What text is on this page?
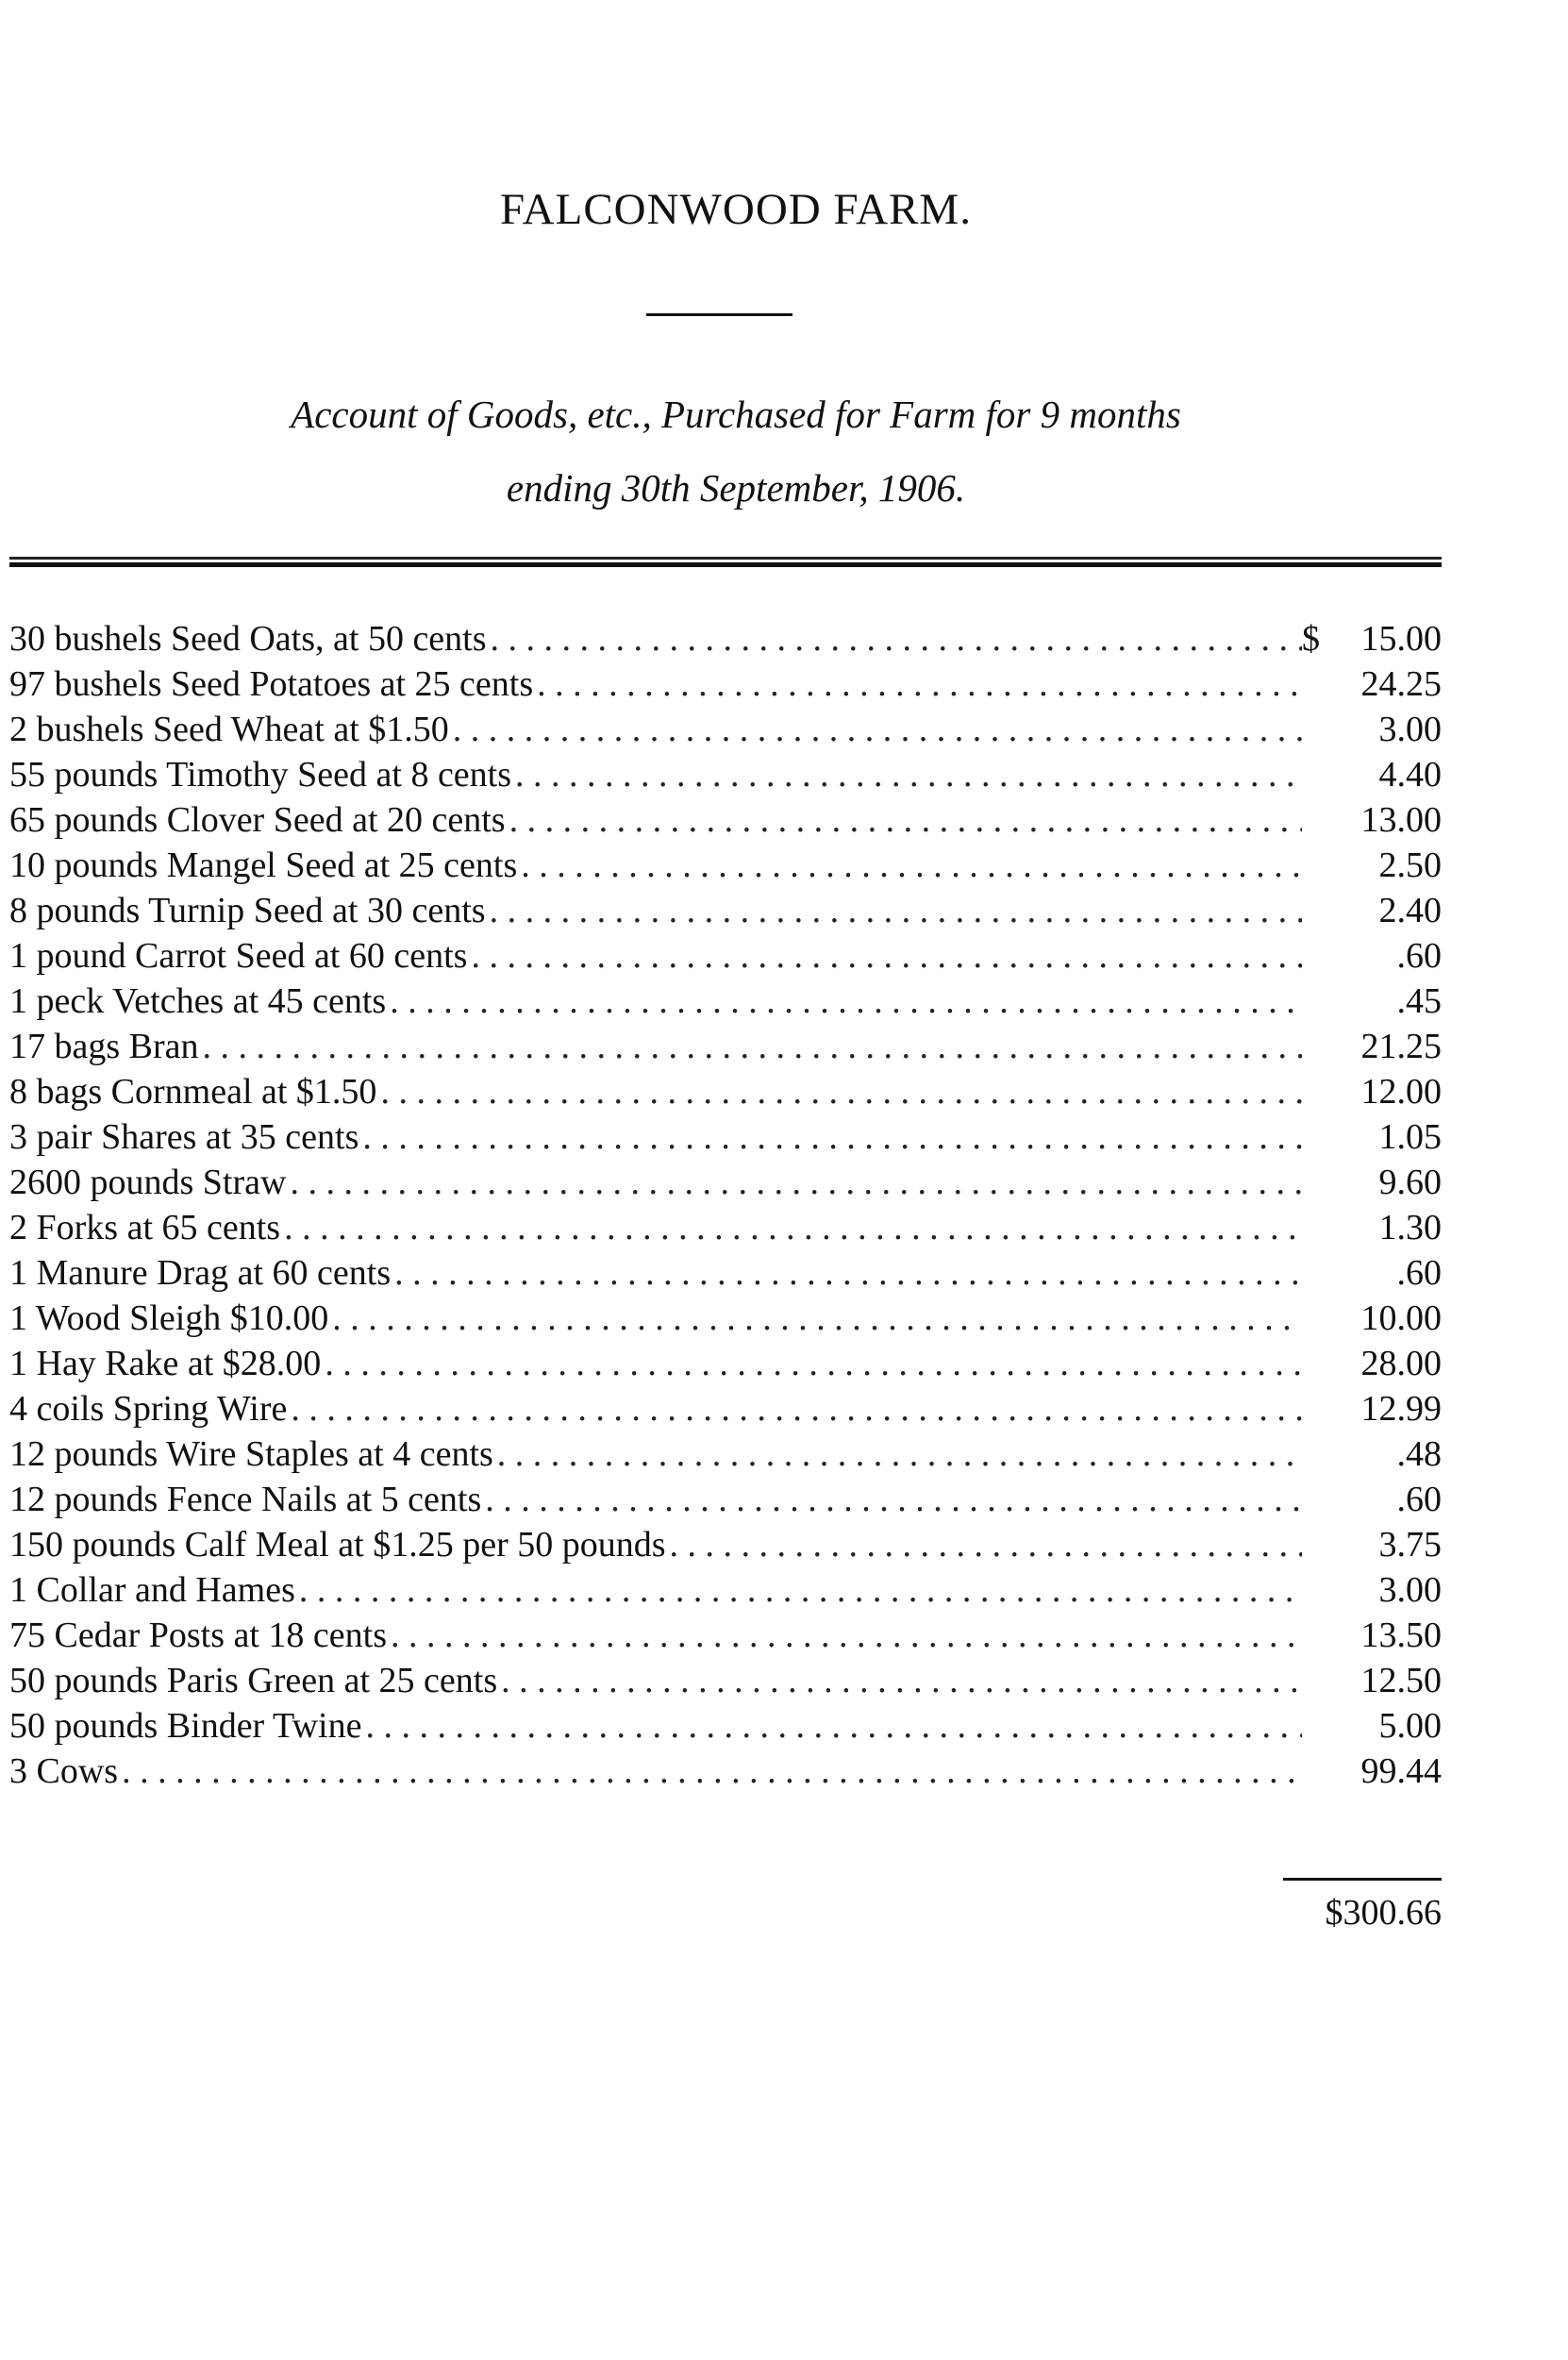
FALCONWOOD FARM.
Account of Goods, etc., Purchased for Farm for 9 months
ending 30th September, 1906.
30 bushels Seed Oats, at 50 cents . . .	$	15.00
97 bushels Seed Potatoes at 25 cents . . .	24.25
2 bushels Seed Wheat at $1.50 . . .	3.00
55 pounds Timothy Seed at 8 cents . . .	4.40
65 pounds Clover Seed at 20 cents . . .	13.00
10 pounds Mangel Seed at 25 cents . . .	2.50
8 pounds Turnip Seed at 30 cents . . .	2.40
1 pound Carrot Seed at 60 cents . . .	.60
1 peck Vetches at 45 cents . . .	.45
17 bags Bran . . .	21.25
8 bags Cornmeal at $1.50 . . .	12.00
3 pair Shares at 35 cents . . .	1.05
2600 pounds Straw . . .	9.60
2 Forks at 65 cents . . .	1.30
1 Manure Drag at 60 cents . . .	.60
1 Wood Sleigh $10.00 . . .	10.00
1 Hay Rake at $28.00 . . .	28.00
4 coils Spring Wire . . .	12.99
12 pounds Wire Staples at 4 cents . . .	.48
12 pounds Fence Nails at 5 cents . . .	.60
150 pounds Calf Meal at $1.25 per 50 pounds . . .	3.75
1 Collar and Hames . . .	3.00
75 Cedar Posts at 18 cents . . .	13.50
50 pounds Paris Green at 25 cents . . .	12.50
50 pounds Binder Twine . . .	5.00
3 Cows . . .	99.44
$300.66
